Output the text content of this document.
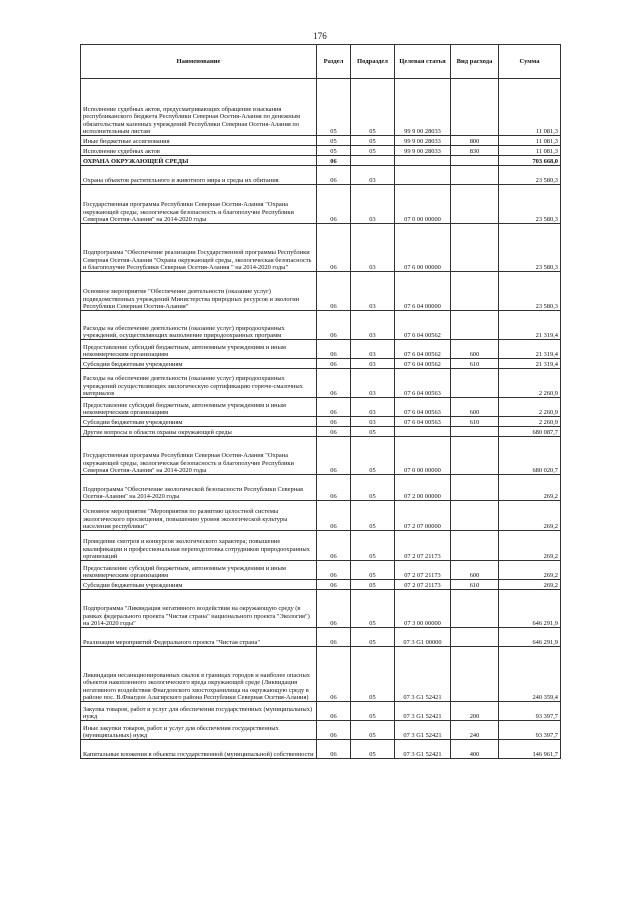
176
Наименование	Раздел	Подраздел	Целевая статья	Вид расхода	Сумма
Исполнение судебных актов, предусматривающих обращение взыскания республиканского бюджета Республики Северная Осетия-Алания по денежным обязательствам казенных учреждений Республики Северная Осетия-Алания по исполнительным листам	05	05	99 9 00 28033		11 081,3
Иные бюджетные ассигнования	05	05	99 9 00 28033	800	11 081,3
Исполнение судебных актов	05	05	99 9 00 28033	830	11 081,3
ОХРАНА ОКРУЖАЮЩЕЙ СРЕДЫ	06				703 668,0
Охрана объектов растительного и животного мира и среды их обитания	06	03			23 580,3
Государственная программа Республики Северная Осетия-Алания "Охрана окружающей среды, экологическая безопасность и благополучие Республики Северная Осетия-Алания" на 2014-2020 годы	06	03	07 0 00 00000		23 580,3
Подпрограмма "Обеспечение реализации Государственной программы Республики Северная Осетия-Алания "Охрана окружающей среды, экологическая безопасность и благополучие Республики Северная Осетия-Алания " на 2014-2020 годы"	06	03	07 6 00 00000		23 580,3
Основное мероприятие "Обеспечение деятельности (оказание услуг) подведомственных учреждений Министерства природных ресурсов и экологии Республики Северная Осетия-Алания"	06	03	07 6 04 00000		23 580,3
Расходы на обеспечение деятельности (оказание услуг) природоохранных учреждений, осуществляющих выполнение природоохранных программ	06	03	07 6 04 00562		21 319,4
Предоставление субсидий бюджетным, автономным учреждениям и иным некоммерческим организациям	06	03	07 6 04 00562	600	21 319,4
Субсидии бюджетным учреждениям	06	03	07 6 04 00562	610	21 319,4
Расходы на обеспечение деятельности (оказание услуг) природоохранных учреждений осуществляющих экологическую сертификацию горюче-смазочных материалов	06	03	07 6 04 00563		2 260,9
Предоставление субсидий бюджетным, автономным учреждениям и иным некоммерческим организациям	06	03	07 6 04 00563	600	2 260,9
Субсидии бюджетным учреждениям	06	03	07 6 04 00563	610	2 260,9
Другие вопросы в области охраны окружающей среды	06	05			680 087,7
Государственная программа Республики Северная Осетия-Алания "Охрана окружающей среды, экологическая безопасность и благополучие Республики Северная Осетия-Алания" на 2014-2020 годы	06	05	07 0 00 00000		680 020,7
Подпрограмма "Обеспечение экологической безопасности Республики Северная Осетия-Алания" на 2014-2020 годы	06	05	07 2 00 00000		269,2
Основное мероприятие "Мероприятия по развитию целостной системы экологического просвещения, повышению уровня экологической культуры населения республики"	06	05	07 2 07 00000		269,2
Проведение смотров и конкурсов экологического характера; повышение квалификации и профессиональная переподготовка сотрудников природоохранных организаций	06	05	07 2 07 21173		269,2
Предоставление субсидий бюджетным, автономным учреждениям и иным некоммерческим организациям	06	05	07 2 07 21173	600	269,2
Субсидии бюджетным учреждениям	06	05	07 2 07 21173	610	269,2
Подпрограмма "Ликвидация негативного воздействия на окружающую среду (в рамках федерального проекта "Чистая страна" национального проекта "Экология") на 2014-2020 годы"	06	05	07 3 00 00000		646 291,9
Реализация мероприятий Федерального проекта "Чистая страна"	06	05	07 3 G1 00000		646 291,9
Ликвидация несанкционированных свалок в границах городов и наиболее опасных объектов накопленного экологического вреда окружающей среде (Ликвидация негативного воздействия Фиагдонского хвостохранилища на окружающую среду в районе пос. В.Фиагдон Алагирского района Республики Северная Осетия-Алания)	06	05	07 3 G1 52421		240 359,4
Закупка товаров, работ и услуг для обеспечения государственных (муниципальных) нужд	06	05	07 3 G1 52421	200	93 397,7
Иные закупки товаров, работ и услуг для обеспечения государственных (муниципальных) нужд	06	05	07 3 G1 52421	240	93 397,7
Капитальные вложения в объекты государственной (муниципальной) собственности	06	05	07 3 G1 52421	400	146 961,7
